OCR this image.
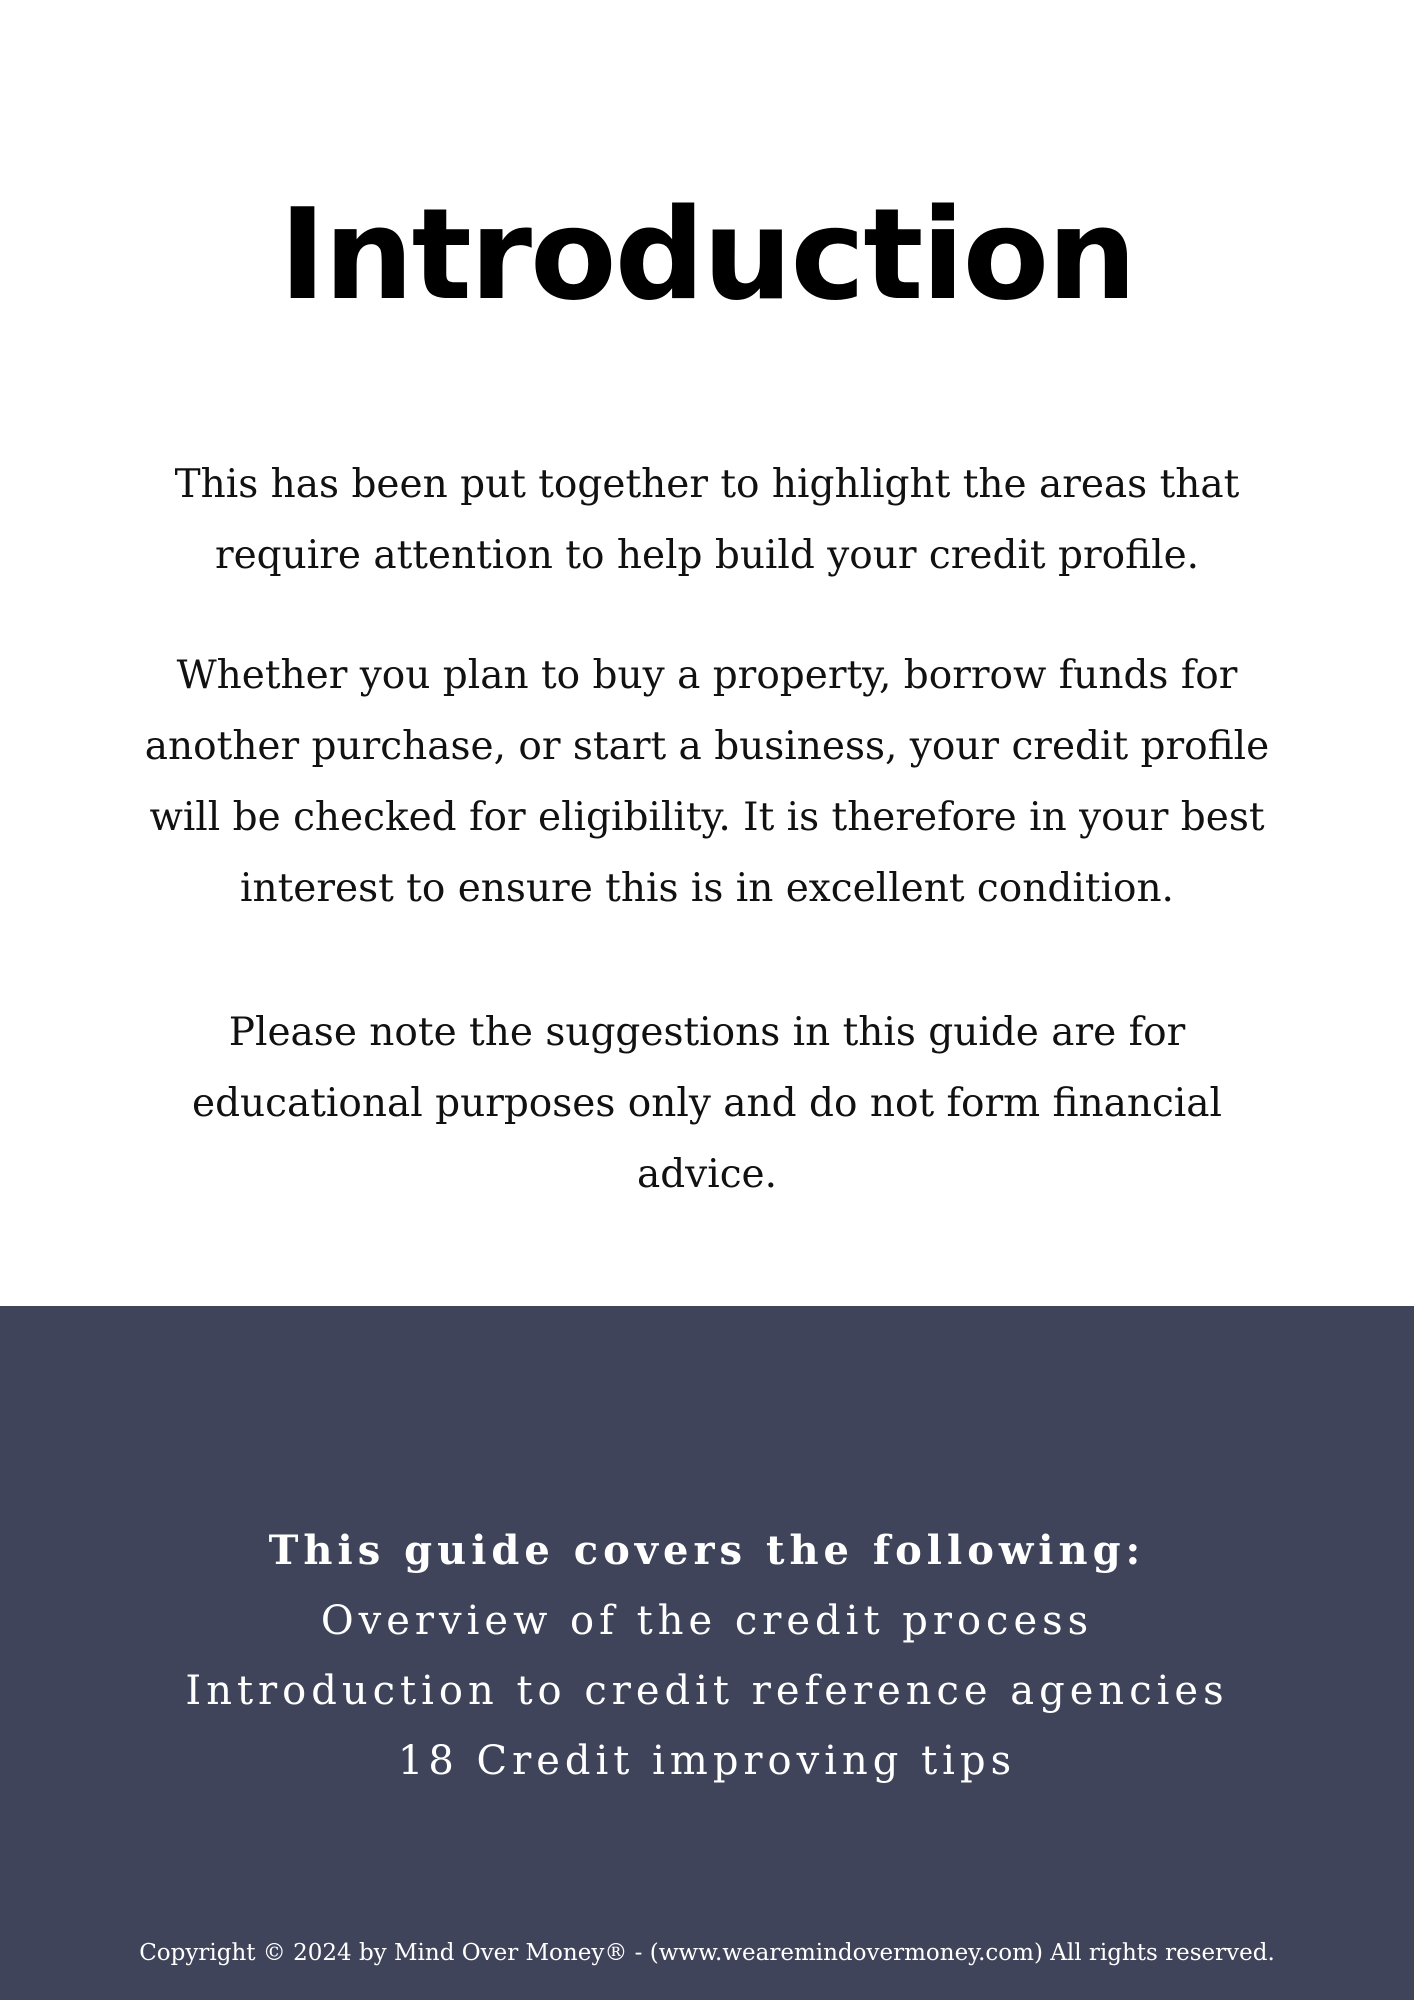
Introduction

This has been put together to highlight the areas that
require attention to help build your credit profile.

Whether you plan to buy a property, borrow funds for
another purchase, or start a business, your credit profile
will be checked for eligibility. It is therefore in your best
interest to ensure this is in excellent condition.

Please note the suggestions in this guide are for
educational purposes only and do not form financial
advice.

This guide covers the following:
Overview of the credit process
Introduction to credit reference agencies
18 Credit improving tips

Copyright © 2024 by Mind Over Money® - (www.wearemindovermoney.com) All rights reserved.
